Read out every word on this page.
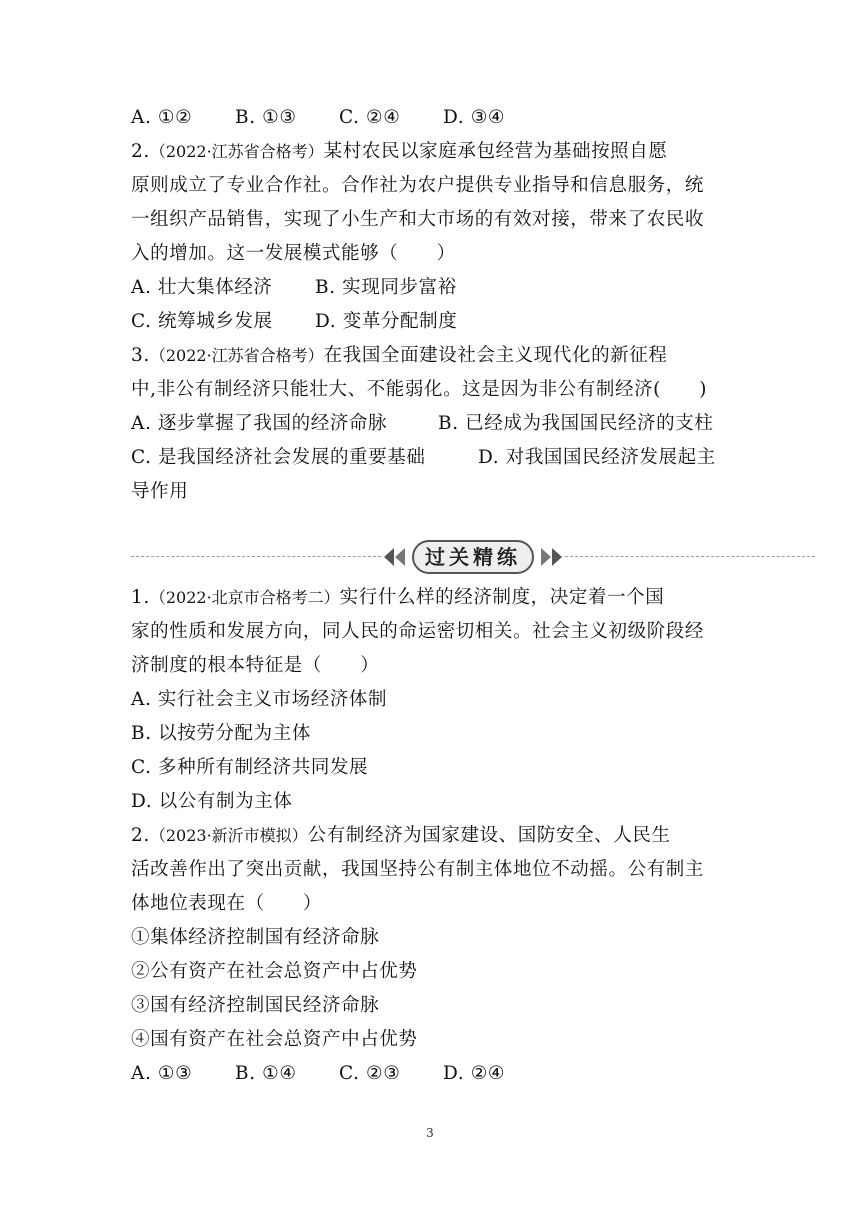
A. ①② B. ①③ C. ②④ D. ③④
2.（2022·江苏省合格考）某村农民以家庭承包经营为基础按照自愿
原则成立了专业合作社。合作社为农户提供专业指导和信息服务，统
一组织产品销售，实现了小生产和大市场的有效对接，带来了农民收
入的增加。这一发展模式能够（　　）
A. 壮大集体经济 B. 实现同步富裕
C. 统筹城乡发展 D. 变革分配制度
3.（2022·江苏省合格考）在我国全面建设社会主义现代化的新征程
中,非公有制经济只能壮大、不能弱化。这是因为非公有制经济(　　)
A. 逐步掌握了我国的经济命脉	B. 已经成为我国国民经济的支柱
C. 是我国经济社会发展的重要基础	D. 对我国国民经济发展起主
导作用
过关精练
1.（2022·北京市合格考二）实行什么样的经济制度，决定着一个国
家的性质和发展方向，同人民的命运密切相关。社会主义初级阶段经
济制度的根本特征是（　　）
A. 实行社会主义市场经济体制
B. 以按劳分配为主体
C. 多种所有制经济共同发展
D. 以公有制为主体
2.（2023·新沂市模拟）公有制经济为国家建设、国防安全、人民生
活改善作出了突出贡献，我国坚持公有制主体地位不动摇。公有制主
体地位表现在（　　）
①集体经济控制国有经济命脉
②公有资产在社会总资产中占优势
③国有经济控制国民经济命脉
④国有资产在社会总资产中占优势
A. ①③ B. ①④ C. ②③ D. ②④
3
